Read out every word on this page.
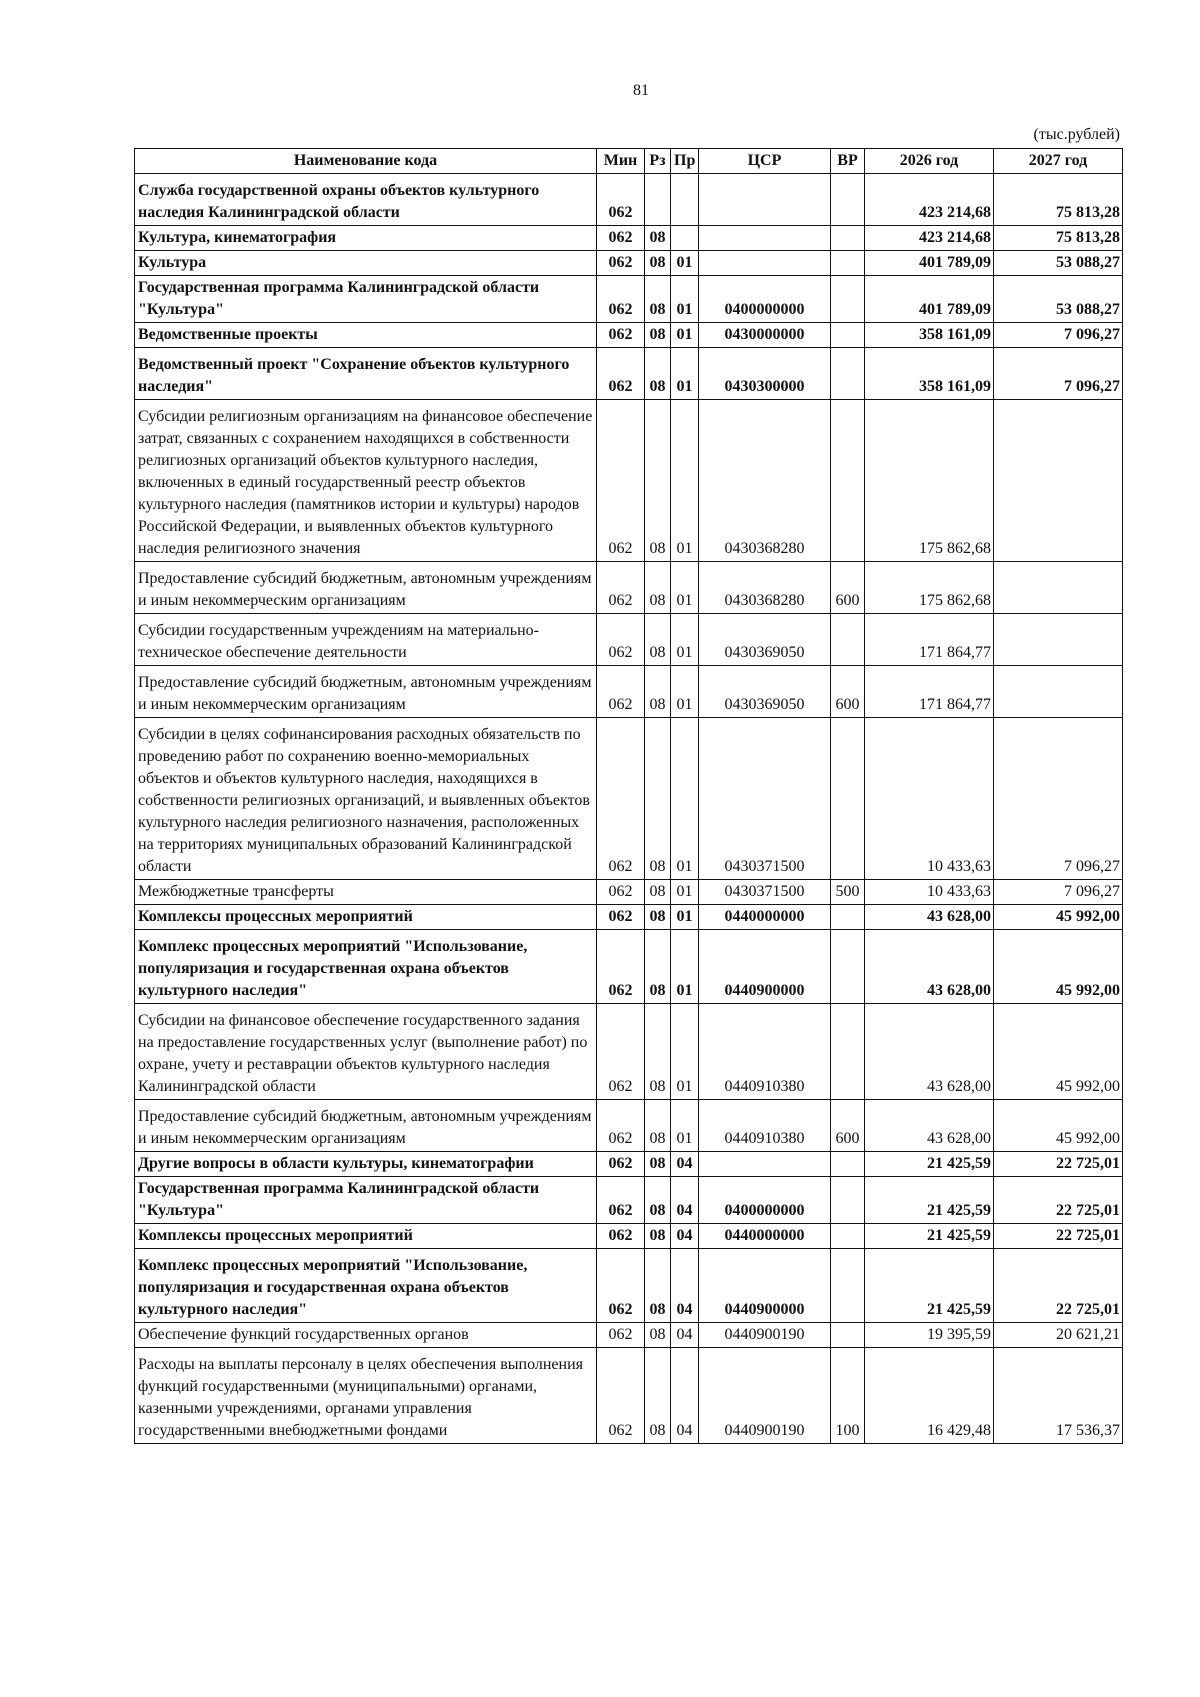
81
(тыс.рублей)
Наименование кода	Мин	Рз	Пр	ЦСР	ВР	2026 год	2027 год
Служба государственной охраны объектов культурного наследия Калининградской области	062					423 214,68	75 813,28
Культура, кинематография	062	08				423 214,68	75 813,28
Культура	062	08	01			401 789,09	53 088,27
Государственная программа Калининградской области "Культура"	062	08	01	0400000000		401 789,09	53 088,27
Ведомственные проекты	062	08	01	0430000000		358 161,09	7 096,27
Ведомственный проект "Сохранение объектов культурного наследия"	062	08	01	0430300000		358 161,09	7 096,27
Субсидии религиозным организациям на финансовое обеспечение затрат, связанных с сохранением находящихся в собственности религиозных организаций объектов культурного наследия, включенных в единый государственный реестр объектов культурного наследия (памятников истории и культуры) народов Российской Федерации, и выявленных объектов культурного наследия религиозного значения	062	08	01	0430368280		175 862,68	
Предоставление субсидий бюджетным, автономным учреждениям и иным некоммерческим организациям	062	08	01	0430368280	600	175 862,68	
Субсидии государственным учреждениям на материально-техническое обеспечение деятельности	062	08	01	0430369050		171 864,77	
Предоставление субсидий бюджетным, автономным учреждениям и иным некоммерческим организациям	062	08	01	0430369050	600	171 864,77	
Субсидии в целях софинансирования расходных обязательств по проведению работ по сохранению военно-мемориальных объектов и объектов культурного наследия, находящихся в собственности религиозных организаций, и выявленных объектов культурного наследия религиозного назначения, расположенных на территориях муниципальных образований Калининградской области	062	08	01	0430371500		10 433,63	7 096,27
Межбюджетные трансферты	062	08	01	0430371500	500	10 433,63	7 096,27
Комплексы процессных мероприятий	062	08	01	0440000000		43 628,00	45 992,00
Комплекс процессных мероприятий "Использование, популяризация и государственная охрана объектов культурного наследия"	062	08	01	0440900000		43 628,00	45 992,00
Субсидии на финансовое обеспечение государственного задания на предоставление государственных услуг (выполнение работ) по охране, учету и реставрации объектов культурного наследия Калининградской области	062	08	01	0440910380		43 628,00	45 992,00
Предоставление субсидий бюджетным, автономным учреждениям и иным некоммерческим организациям	062	08	01	0440910380	600	43 628,00	45 992,00
Другие вопросы в области культуры, кинематографии	062	08	04			21 425,59	22 725,01
Государственная программа Калининградской области "Культура"	062	08	04	0400000000		21 425,59	22 725,01
Комплексы процессных мероприятий	062	08	04	0440000000		21 425,59	22 725,01
Комплекс процессных мероприятий "Использование, популяризация и государственная охрана объектов культурного наследия"	062	08	04	0440900000		21 425,59	22 725,01
Обеспечение функций государственных органов	062	08	04	0440900190		19 395,59	20 621,21
Расходы на выплаты персоналу в целях обеспечения выполнения функций государственными (муниципальными) органами, казенными учреждениями, органами управления государственными внебюджетными фондами	062	08	04	0440900190	100	16 429,48	17 536,37
